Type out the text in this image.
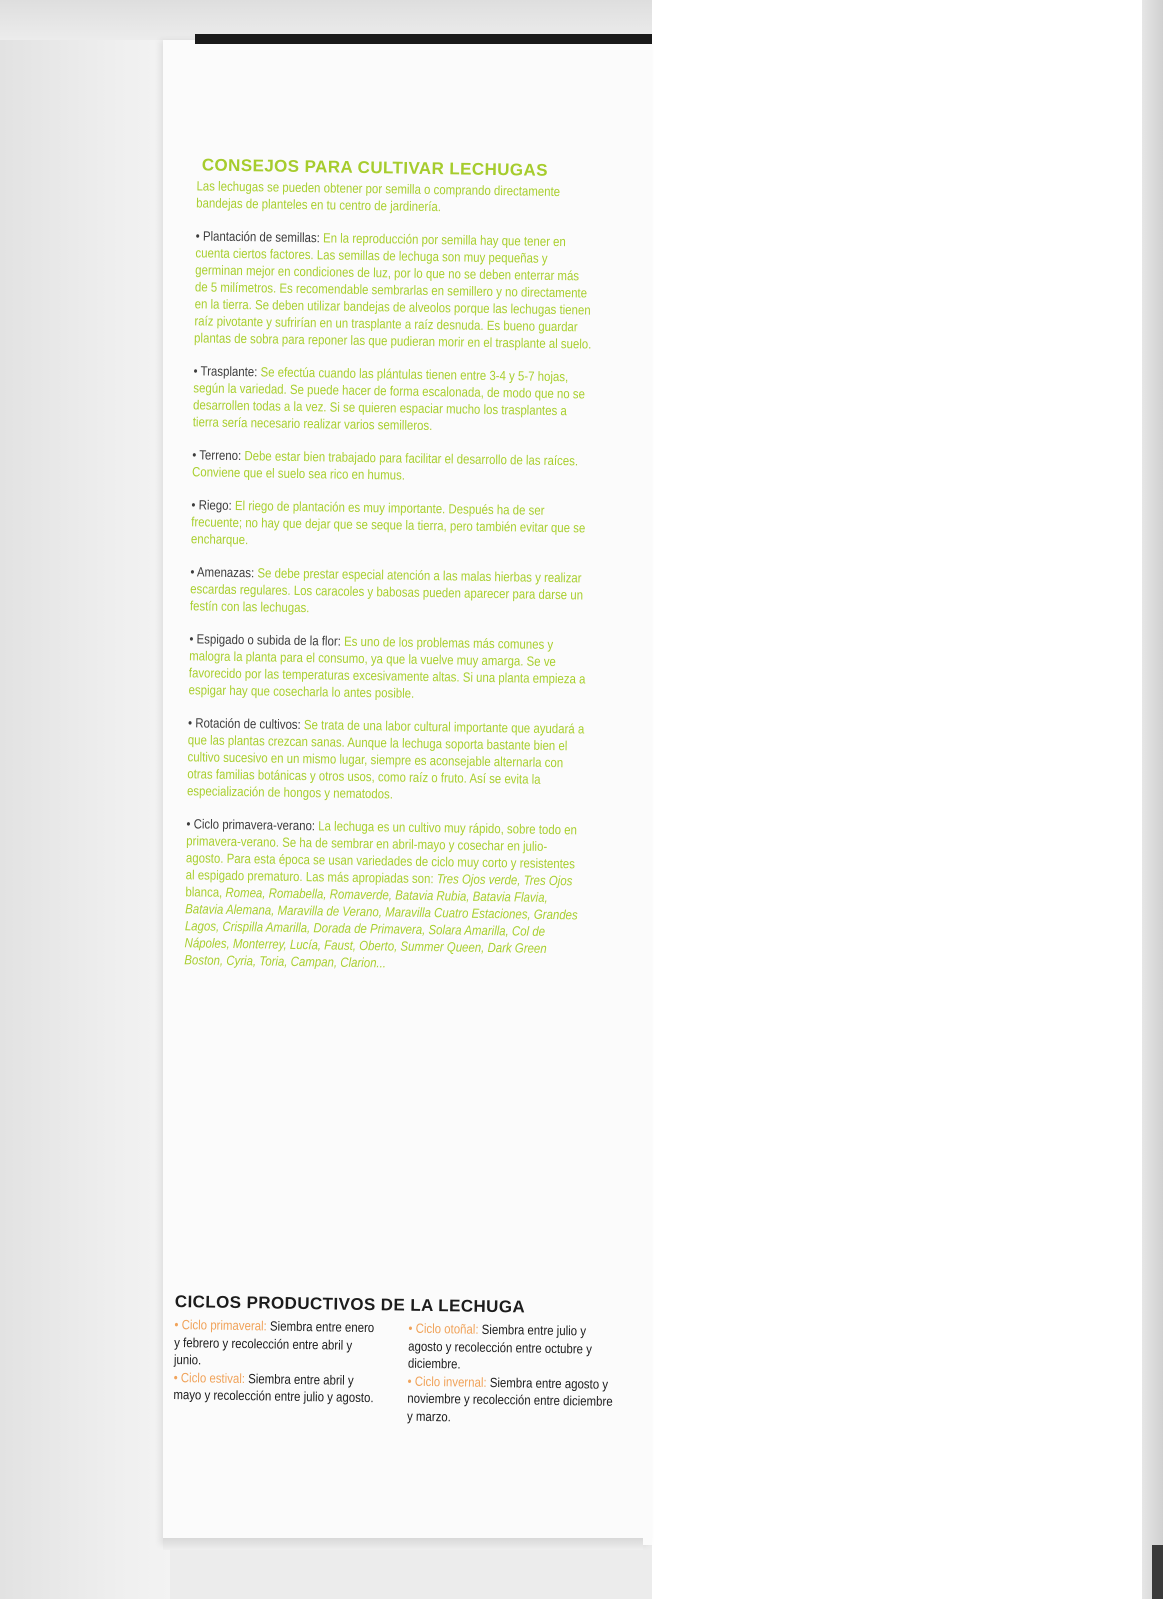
CONSEJOS PARA CULTIVAR LECHUGAS

Las lechugas se pueden obtener por semilla o comprando directamente bandejas de planteles en tu centro de jardinería.

• Plantación de semillas: En la reproducción por semilla hay que tener en cuenta ciertos factores. Las semillas de lechuga son muy pequeñas y germinan mejor en condiciones de luz, por lo que no se deben enterrar más de 5 milímetros. Es recomendable sembrarlas en semillero y no directamente en la tierra. Se deben utilizar bandejas de alveolos porque las lechugas tienen raíz pivotante y sufrirían en un trasplante a raíz desnuda. Es bueno guardar plantas de sobra para reponer las que pudieran morir en el trasplante al suelo.

• Trasplante: Se efectúa cuando las plántulas tienen entre 3-4 y 5-7 hojas, según la variedad. Se puede hacer de forma escalonada, de modo que no se desarrollen todas a la vez. Si se quieren espaciar mucho los trasplantes a tierra sería necesario realizar varios semilleros.

• Terreno: Debe estar bien trabajado para facilitar el desarrollo de las raíces. Conviene que el suelo sea rico en humus.

• Riego: El riego de plantación es muy importante. Después ha de ser frecuente; no hay que dejar que se seque la tierra, pero también evitar que se encharque.

• Amenazas: Se debe prestar especial atención a las malas hierbas y realizar escardas regulares. Los caracoles y babosas pueden aparecer para darse un festín con las lechugas.

• Espigado o subida de la flor: Es uno de los problemas más comunes y malogra la planta para el consumo, ya que la vuelve muy amarga. Se ve favorecido por las temperaturas excesivamente altas. Si una planta empieza a espigar hay que cosecharla lo antes posible.

• Rotación de cultivos: Se trata de una labor cultural importante que ayudará a que las plantas crezcan sanas. Aunque la lechuga soporta bastante bien el cultivo sucesivo en un mismo lugar, siempre es aconsejable alternarla con otras familias botánicas y otros usos, como raíz o fruto. Así se evita la especialización de hongos y nematodos.

• Ciclo primavera-verano: La lechuga es un cultivo muy rápido, sobre todo en primavera-verano. Se ha de sembrar en abril-mayo y cosechar en julio-agosto. Para esta época se usan variedades de ciclo muy corto y resistentes al espigado prematuro. Las más apropiadas son: Tres Ojos verde, Tres Ojos blanca, Romea, Romabella, Romaverde, Batavia Rubia, Batavia Flavia, Batavia Alemana, Maravilla de Verano, Maravilla Cuatro Estaciones, Grandes Lagos, Crispilla Amarilla, Dorada de Primavera, Solara Amarilla, Col de Nápoles, Monterrey, Lucía, Faust, Oberto, Summer Queen, Dark Green Boston, Cyria, Toria, Campan, Clarion...

CICLOS PRODUCTIVOS DE LA LECHUGA

• Ciclo primaveral: Siembra entre enero y febrero y recolección entre abril y junio.

• Ciclo estival: Siembra entre abril y mayo y recolección entre julio y agosto.

• Ciclo otoñal: Siembra entre julio y agosto y recolección entre octubre y diciembre.

• Ciclo invernal: Siembra entre agosto y noviembre y recolección entre diciembre y marzo.
